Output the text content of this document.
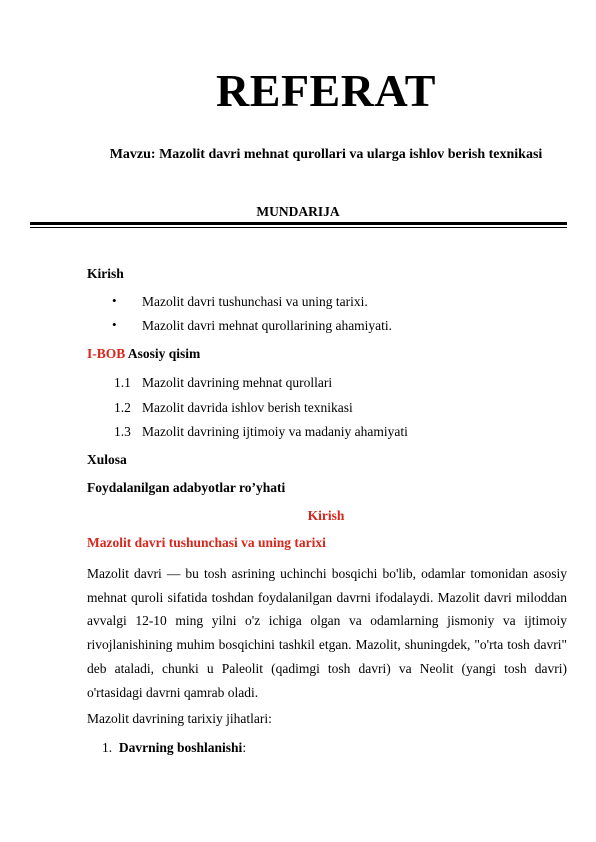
REFERAT
Mavzu: Mazolit davri mehnat qurollari va ularga ishlov berish texnikasi
MUNDARIJA
Kirish
• Mazolit davri tushunchasi va uning tarixi.
• Mazolit davri mehnat qurollarining ahamiyati.
I-BOB Asosiy qisim
1.1 Mazolit davrining mehnat qurollari
1.2 Mazolit davrida ishlov berish texnikasi
1.3 Mazolit davrining ijtimoiy va madaniy ahamiyati
Xulosa
Foydalanilgan adabyotlar ro’yhati
Kirish
Mazolit davri tushunchasi va uning tarixi
Mazolit davri — bu tosh asrining uchinchi bosqichi bo'lib, odamlar tomonidan asosiy mehnat quroli sifatida toshdan foydalanilgan davrni ifodalaydi. Mazolit davri miloddan avvalgi 12-10 ming yilni o'z ichiga olgan va odamlarning jismoniy va ijtimoiy rivojlanishining muhim bosqichini tashkil etgan. Mazolit, shuningdek, "o'rta tosh davri" deb ataladi, chunki u Paleolit (qadimgi tosh davri) va Neolit (yangi tosh davri) o'rtasidagi davrni qamrab oladi.
Mazolit davrining tarixiy jihatlari:
1. Davrning boshlanishi:
